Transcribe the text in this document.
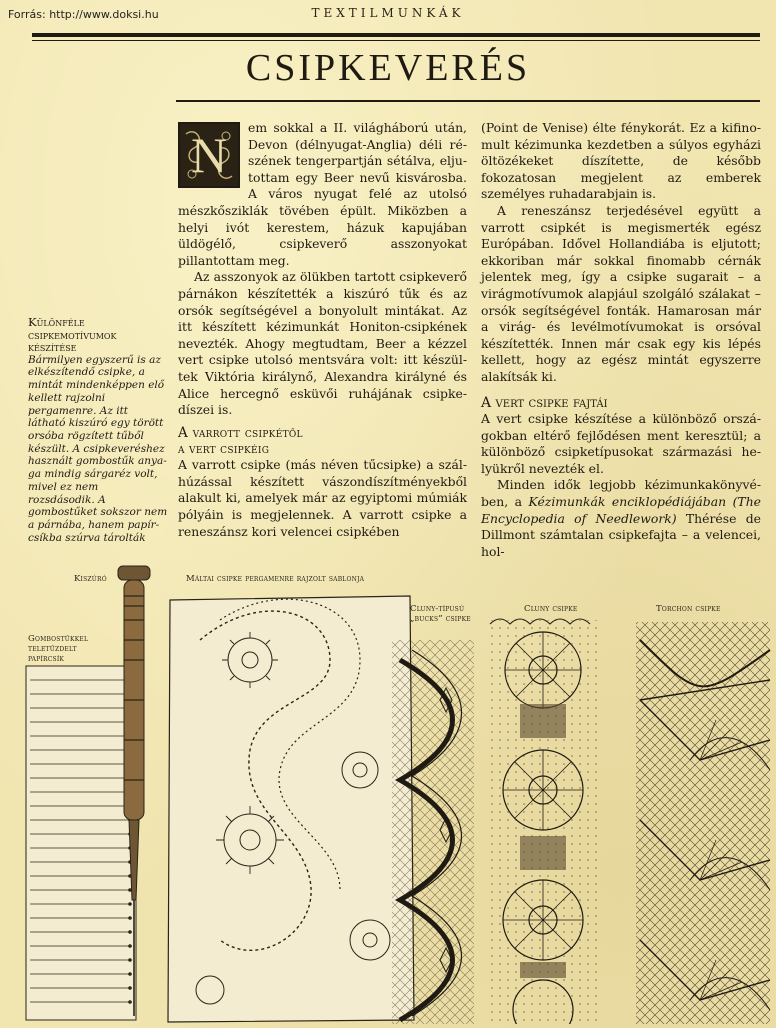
Forrás: http://www.doksi.hu	TEXTILMUNKÁK
CSIPKEVERÉS
N	em sokkal a II. világháború után, Devon (délnyugat-Anglia) déli részének tengerpartján sétálva, eljutottam egy Beer nevű kisvárosba. A város nyugat felé az utolsó mészkősziklák tövében épült. Miközben a helyi ivót kerestem, házuk kapujában üldögélő, csipkeverő asszonyokat pillantottam meg.

Az asszonyok az ölükben tartott csipkeverő párnákon készítették a kiszúró tűk és az orsók segítségével a bonyolult mintákat. Az itt készített kézimunkát Honiton-csipkének nevezték. Ahogy megtudtam, Beer a kézzel vert csipke utolsó mentsvára volt: itt készültek Viktória királynő, Alexandra királyné és Alice hercegnő esküvői ruhájának csipkedíszei is.

A varrott csipkétől

a vert csipkéig

A varrott csipke (más néven tűcsipke) a szálhúzással készített vászondíszítményekből alakult ki, amelyek már az egyiptomi múmiák pólyáin is megjelennek. A varrott csipke a reneszánsz kori velencei csipkében

(Point de Venise) élte fénykorát. Ez a kifinomult kézimunka kezdetben a súlyos egyházi öltözékeket díszítette, de később fokozatosan megjelent az emberek személyes ruhadarabjain is.

A reneszánsz terjedésével együtt a varrott csipkét is megismerték egész Európában. Idővel Hollandiába is eljutott; ekkoriban már sokkal finomabb cérnák jelentek meg, így a csipke sugarait – a virágmotívumok alapjául szolgáló szálakat – orsók segítségével fonták. Hamarosan már a virág- és levélmotívumokat is orsóval készítették. Innen már csak egy kis lépés kellett, hogy az egész mintát egyszerre alakítsák ki.

A vert csipke fajtái

A vert csipke készítése a különböző országokban eltérő fejlődésen ment keresztül; a különböző csipketípusokat származási helyükről nevezték el.

Minden idők legjobb kézimunkakönyvében, a Kézimunkák enciklopédiájában (The Encyclopedia of Needlework) Thérése de Dillmont számtalan csipkefajta – a velencei, hol-

Különféle csipkemotívumok készítése
Bármilyen egyszerű is az elkészítendő csipke, a mintát mindenképpen elő kellett rajzolni pergamenre. Az itt látható kiszúró egy törött orsóba rögzített tűből készült. A csipkeveréshez használt gombostűk anyaga mindig sárgaréz volt, mivel ez nem rozsdásodik. A gombostűket sokszor nem a párnába, hanem papírcsíkba szúrva tárolták
Kiszúró
Gombostűkkel teletűzdelt papírcsík
Máltai csipke pergamenre rajzolt sablonja
Cluny-típusú „bucks” csipke
Cluny csipke	Torchon csipke
